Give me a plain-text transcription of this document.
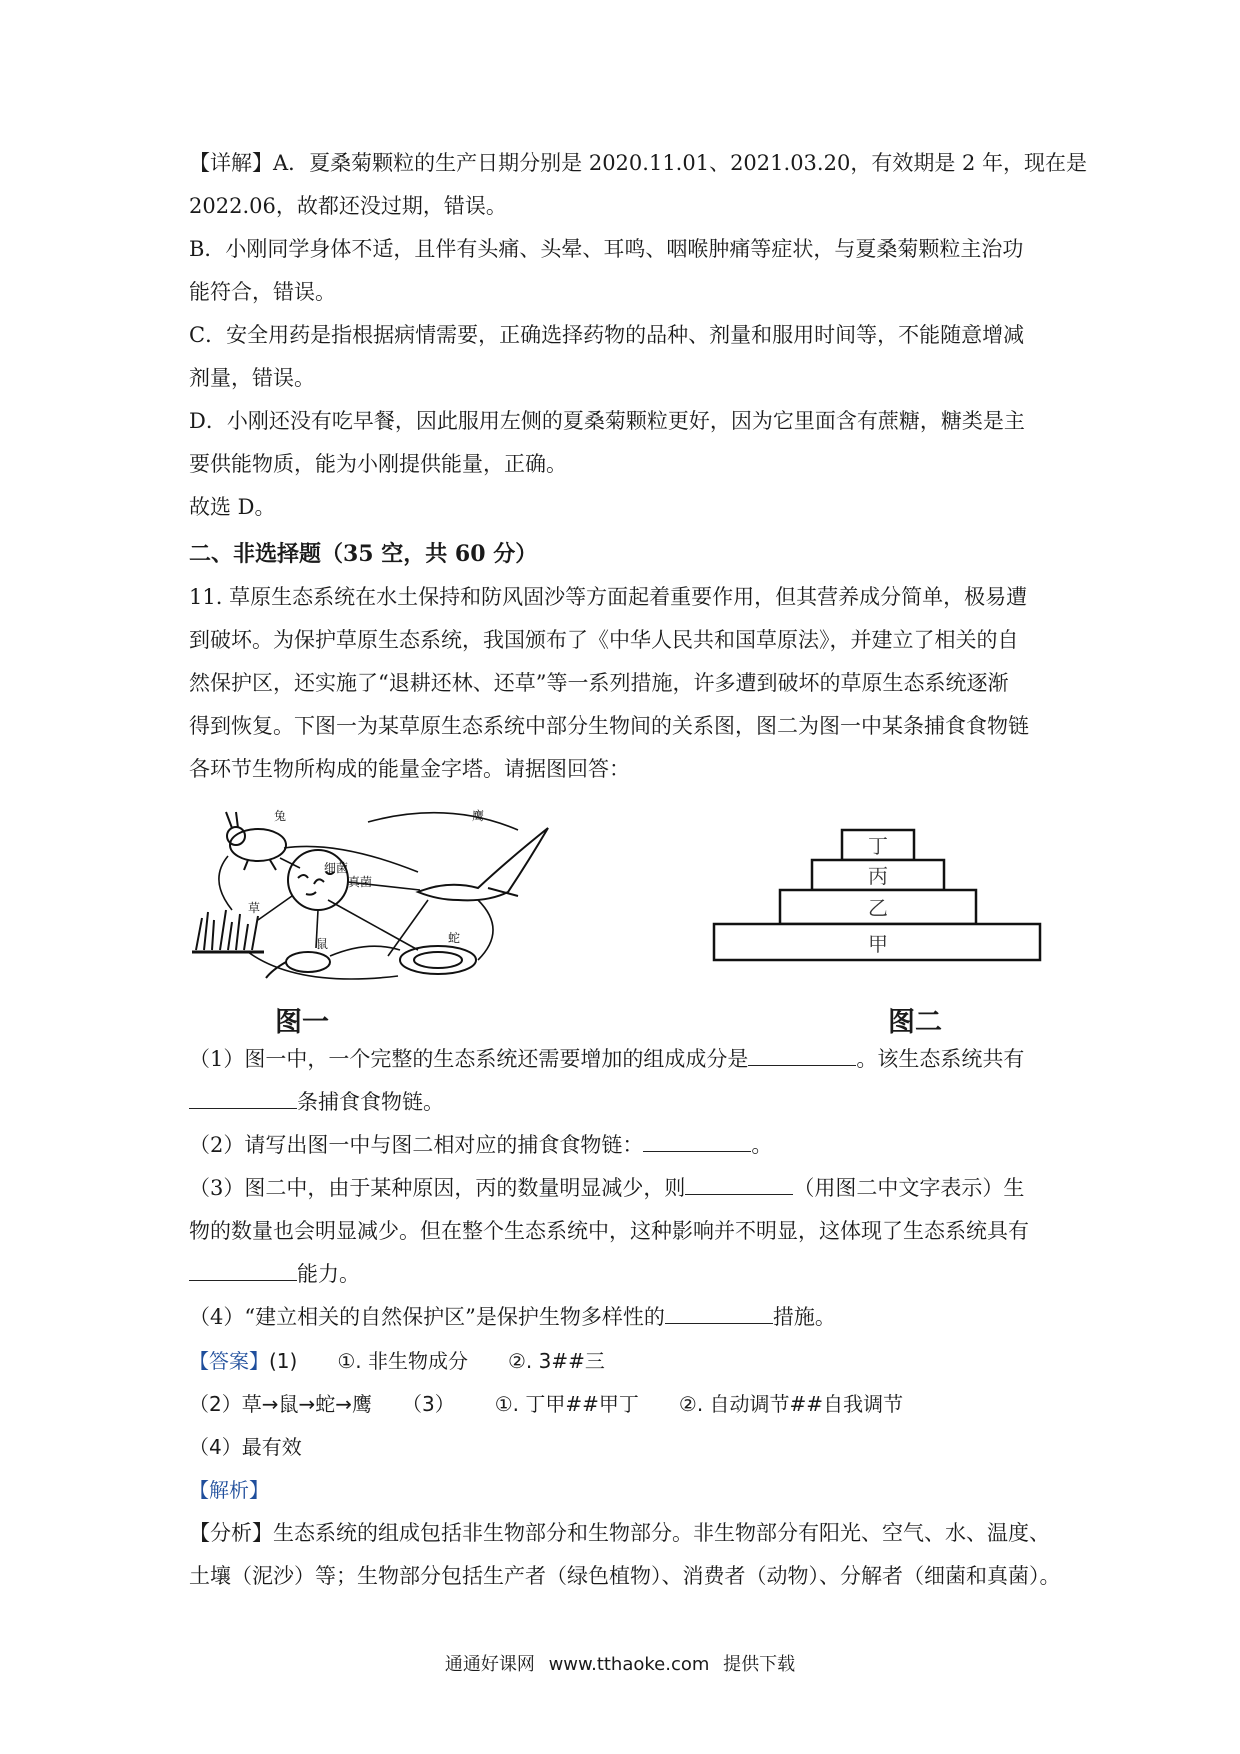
【详解】A．夏桑菊颗粒的生产日期分别是 2020.11.01、2021.03.20，有效期是 2 年，现在是
2022.06，故都还没过期，错误。
B．小刚同学身体不适，且伴有头痛、头晕、耳鸣、咽喉肿痛等症状，与夏桑菊颗粒主治功
能符合，错误。
C．安全用药是指根据病情需要，正确选择药物的品种、剂量和服用时间等，不能随意增减
剂量，错误。
D．小刚还没有吃早餐，因此服用左侧的夏桑菊颗粒更好，因为它里面含有蔗糖，糖类是主
要供能物质，能为小刚提供能量，正确。
故选 D。
二、非选择题（35 空，共 60 分）
11. 草原生态系统在水土保持和防风固沙等方面起着重要作用，但其营养成分简单，极易遭
到破坏。为保护草原生态系统，我国颁布了《中华人民共和国草原法》，并建立了相关的自
然保护区，还实施了“退耕还林、还草”等一系列措施，许多遭到破坏的草原生态系统逐渐
得到恢复。下图一为某草原生态系统中部分生物间的关系图，图二为图一中某条捕食食物链
各环节生物所构成的能量金字塔。请据图回答：
兔	鹰
草
鼠	蛇
细菌
真菌
图一
丁
丙
乙
甲
图二
（1）图一中，一个完整的生态系统还需要增加的组成成分是	。该生态系统共有
条捕食食物链。
（2）请写出图一中与图二相对应的捕食食物链：	。
（3）图二中，由于某种原因，丙的数量明显减少，则	（用图二中文字表示）生
物的数量也会明显减少。但在整个生态系统中，这种影响并不明显，这体现了生态系统具有
能力。
（4）“建立相关的自然保护区”是保护生物多样性的	措施。
【答案】(1) ①. 非生物成分 ②. 3##三
（2）草→鼠→蛇→鹰 （3） ①. 丁甲##甲丁 ②. 自动调节##自我调节
（4）最有效
【解析】
【分析】生态系统的组成包括非生物部分和生物部分。非生物部分有阳光、空气、水、温度、
土壤（泥沙）等；生物部分包括生产者（绿色植物）、消费者（动物）、分解者（细菌和真菌）。
通通好课网 www.tthaoke.com 提供下载
